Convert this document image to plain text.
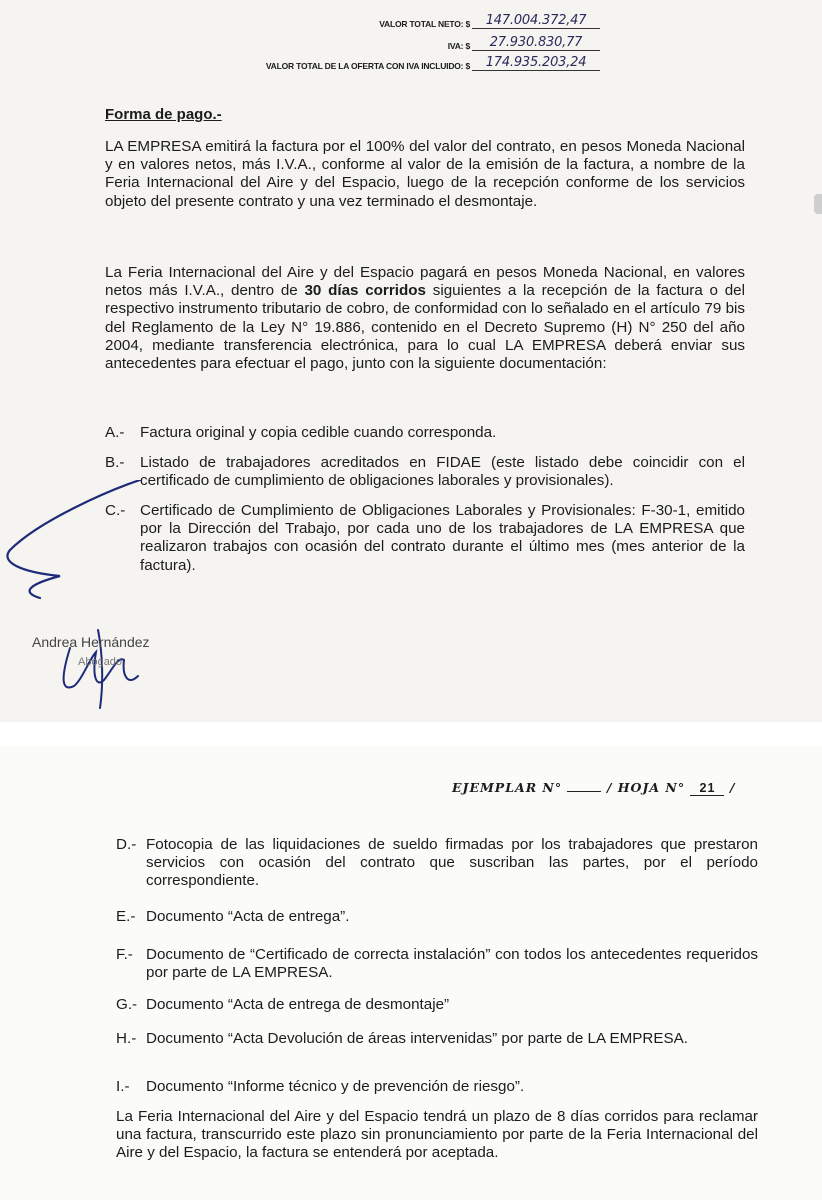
VALOR TOTAL NETO: $	147.004.372,47
IVA: $	27.930.830,77
VALOR TOTAL DE LA OFERTA CON IVA INCLUIDO: $	174.935.203,24
Forma de pago.-
LA EMPRESA emitirá la factura por el 100% del valor del contrato, en pesos Moneda Nacional y en valores netos, más I.V.A., conforme al valor de la emisión de la factura, a nombre de la Feria Internacional del Aire y del Espacio, luego de la recepción conforme de los servicios objeto del presente contrato y una vez terminado el desmontaje.
La Feria Internacional del Aire y del Espacio pagará en pesos Moneda Nacional, en valores netos más I.V.A., dentro de 30 días corridos siguientes a la recepción de la factura o del respectivo instrumento tributario de cobro, de conformidad con lo señalado en el artículo 79 bis del Reglamento de la Ley N° 19.886, contenido en el Decreto Supremo (H) N° 250 del año 2004, mediante transferencia electrónica, para lo cual LA EMPRESA deberá enviar sus antecedentes para efectuar el pago, junto con la siguiente documentación:
A.- Factura original y copia cedible cuando corresponda.
B.- Listado de trabajadores acreditados en FIDAE (este listado debe coincidir con el certificado de cumplimiento de obligaciones laborales y provisionales).
C.- Certificado de Cumplimiento de Obligaciones Laborales y Provisionales: F-30-1, emitido por la Dirección del Trabajo, por cada uno de los trabajadores de LA EMPRESA que realizaron trabajos con ocasión del contrato durante el último mes (mes anterior de la factura).
Andrea Hernández
Abogado
EJEMPLAR N°	/ HOJA N° 21 /
D.- Fotocopia de las liquidaciones de sueldo firmadas por los trabajadores que prestaron servicios con ocasión del contrato que suscriban las partes, por el período correspondiente.
E.- Documento “Acta de entrega”.
F.- Documento de “Certificado de correcta instalación” con todos los antecedentes requeridos por parte de LA EMPRESA.
G.- Documento “Acta de entrega de desmontaje”
H.- Documento “Acta Devolución de áreas intervenidas” por parte de LA EMPRESA.
I.- Documento “Informe técnico y de prevención de riesgo”.
La Feria Internacional del Aire y del Espacio tendrá un plazo de 8 días corridos para reclamar una factura, transcurrido este plazo sin pronunciamiento por parte de la Feria Internacional del Aire y del Espacio, la factura se entenderá por aceptada.
